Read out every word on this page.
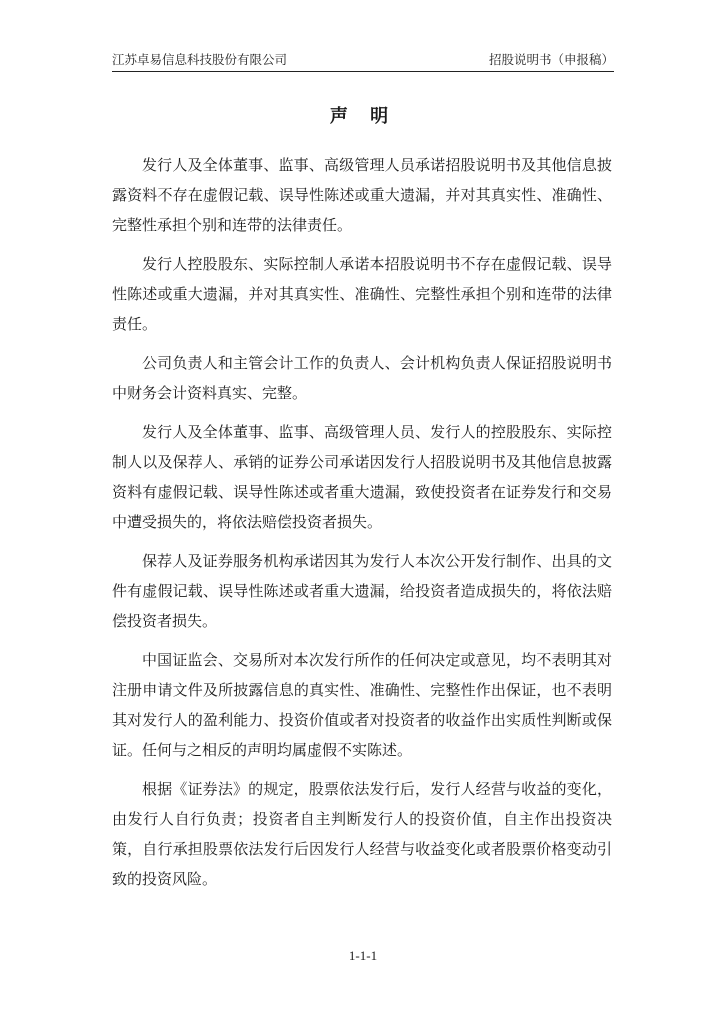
江苏卓易信息科技股份有限公司	招股说明书（申报稿）
声 明

发行人及全体董事、监事、高级管理人员承诺招股说明书及其他信息披露资料不存在虚假记载、误导性陈述或重大遗漏，并对其真实性、准确性、完整性承担个别和连带的法律责任。

发行人控股股东、实际控制人承诺本招股说明书不存在虚假记载、误导性陈述或重大遗漏，并对其真实性、准确性、完整性承担个别和连带的法律责任。

公司负责人和主管会计工作的负责人、会计机构负责人保证招股说明书中财务会计资料真实、完整。

发行人及全体董事、监事、高级管理人员、发行人的控股股东、实际控制人以及保荐人、承销的证券公司承诺因发行人招股说明书及其他信息披露资料有虚假记载、误导性陈述或者重大遗漏，致使投资者在证券发行和交易中遭受损失的，将依法赔偿投资者损失。

保荐人及证券服务机构承诺因其为发行人本次公开发行制作、出具的文件有虚假记载、误导性陈述或者重大遗漏，给投资者造成损失的，将依法赔偿投资者损失。

中国证监会、交易所对本次发行所作的任何决定或意见，均不表明其对注册申请文件及所披露信息的真实性、准确性、完整性作出保证，也不表明其对发行人的盈利能力、投资价值或者对投资者的收益作出实质性判断或保证。任何与之相反的声明均属虚假不实陈述。

根据《证券法》的规定，股票依法发行后，发行人经营与收益的变化，由发行人自行负责；投资者自主判断发行人的投资价值，自主作出投资决策，自行承担股票依法发行后因发行人经营与收益变化或者股票价格变动引致的投资风险。

1-1-1
